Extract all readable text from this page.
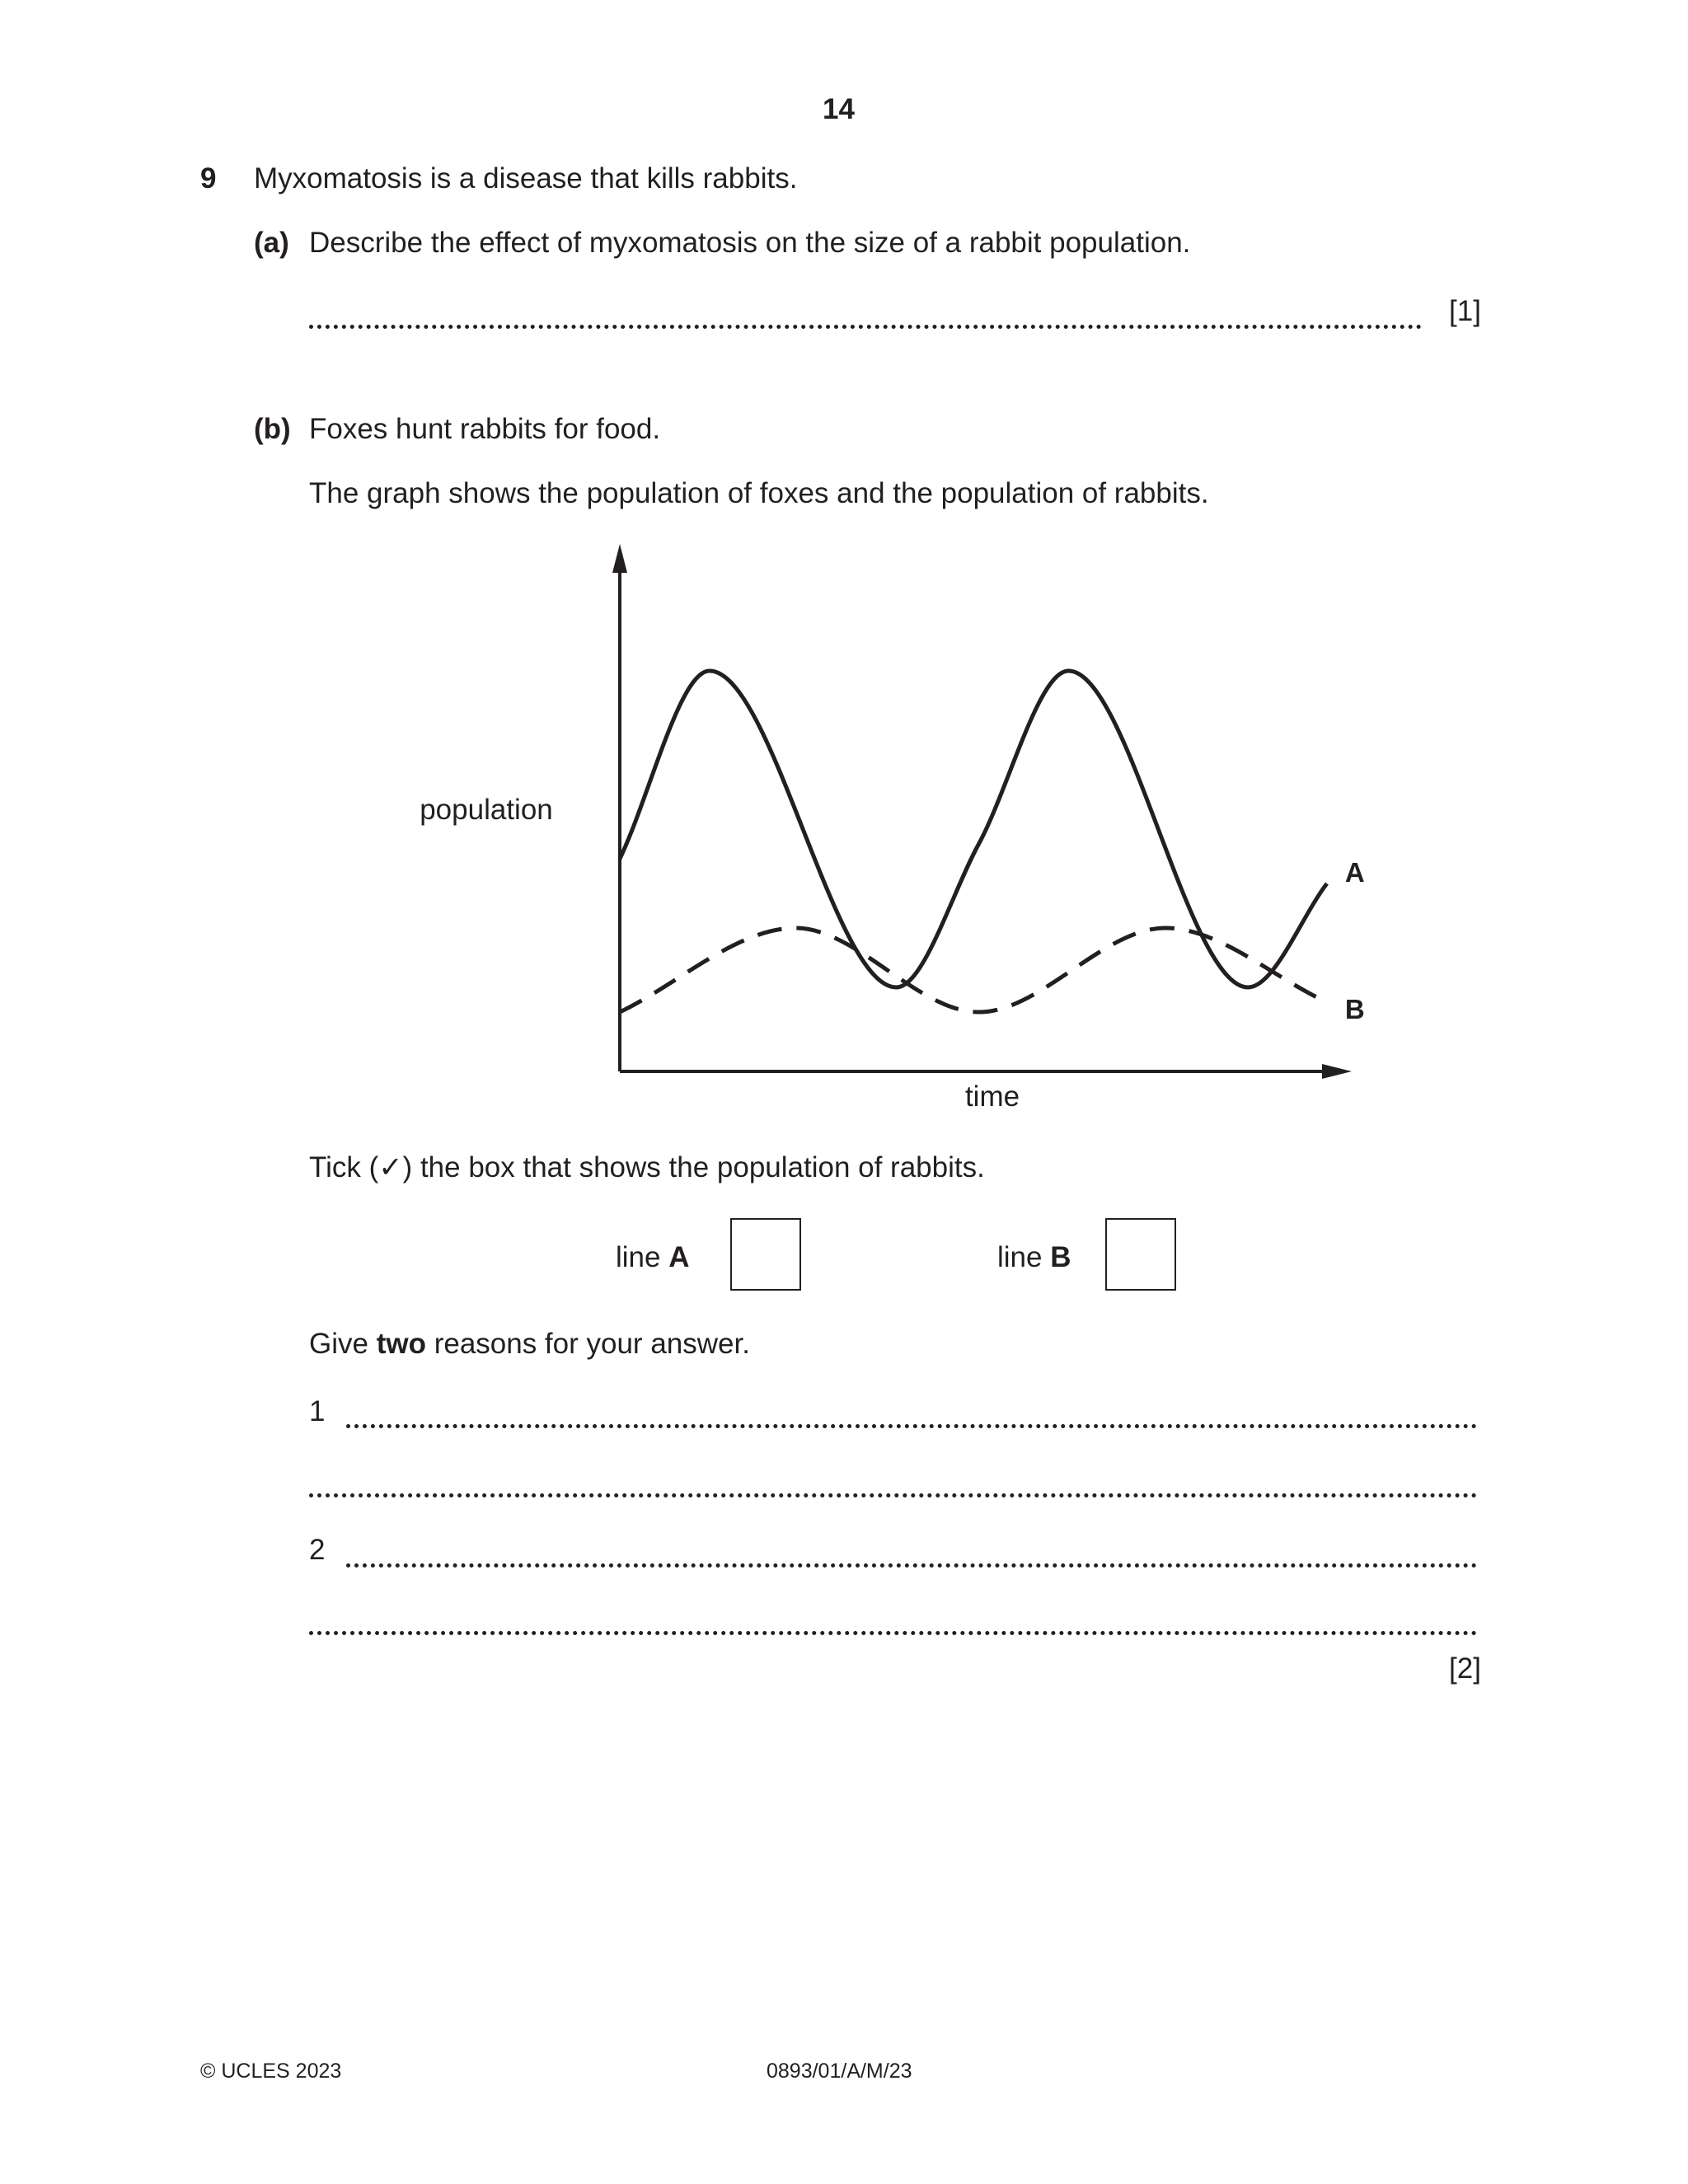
14
9 Myxomatosis is a disease that kills rabbits.
(a) Describe the effect of myxomatosis on the size of a rabbit population.
[1]
(b) Foxes hunt rabbits for food.
The graph shows the population of foxes and the population of rabbits.
A
B
population
time
Tick (✓) the box that shows the population of rabbits.
line A	line B
Give two reasons for your answer.
1
2
[2]
© UCLES 2023	0893/01/A/M/23
